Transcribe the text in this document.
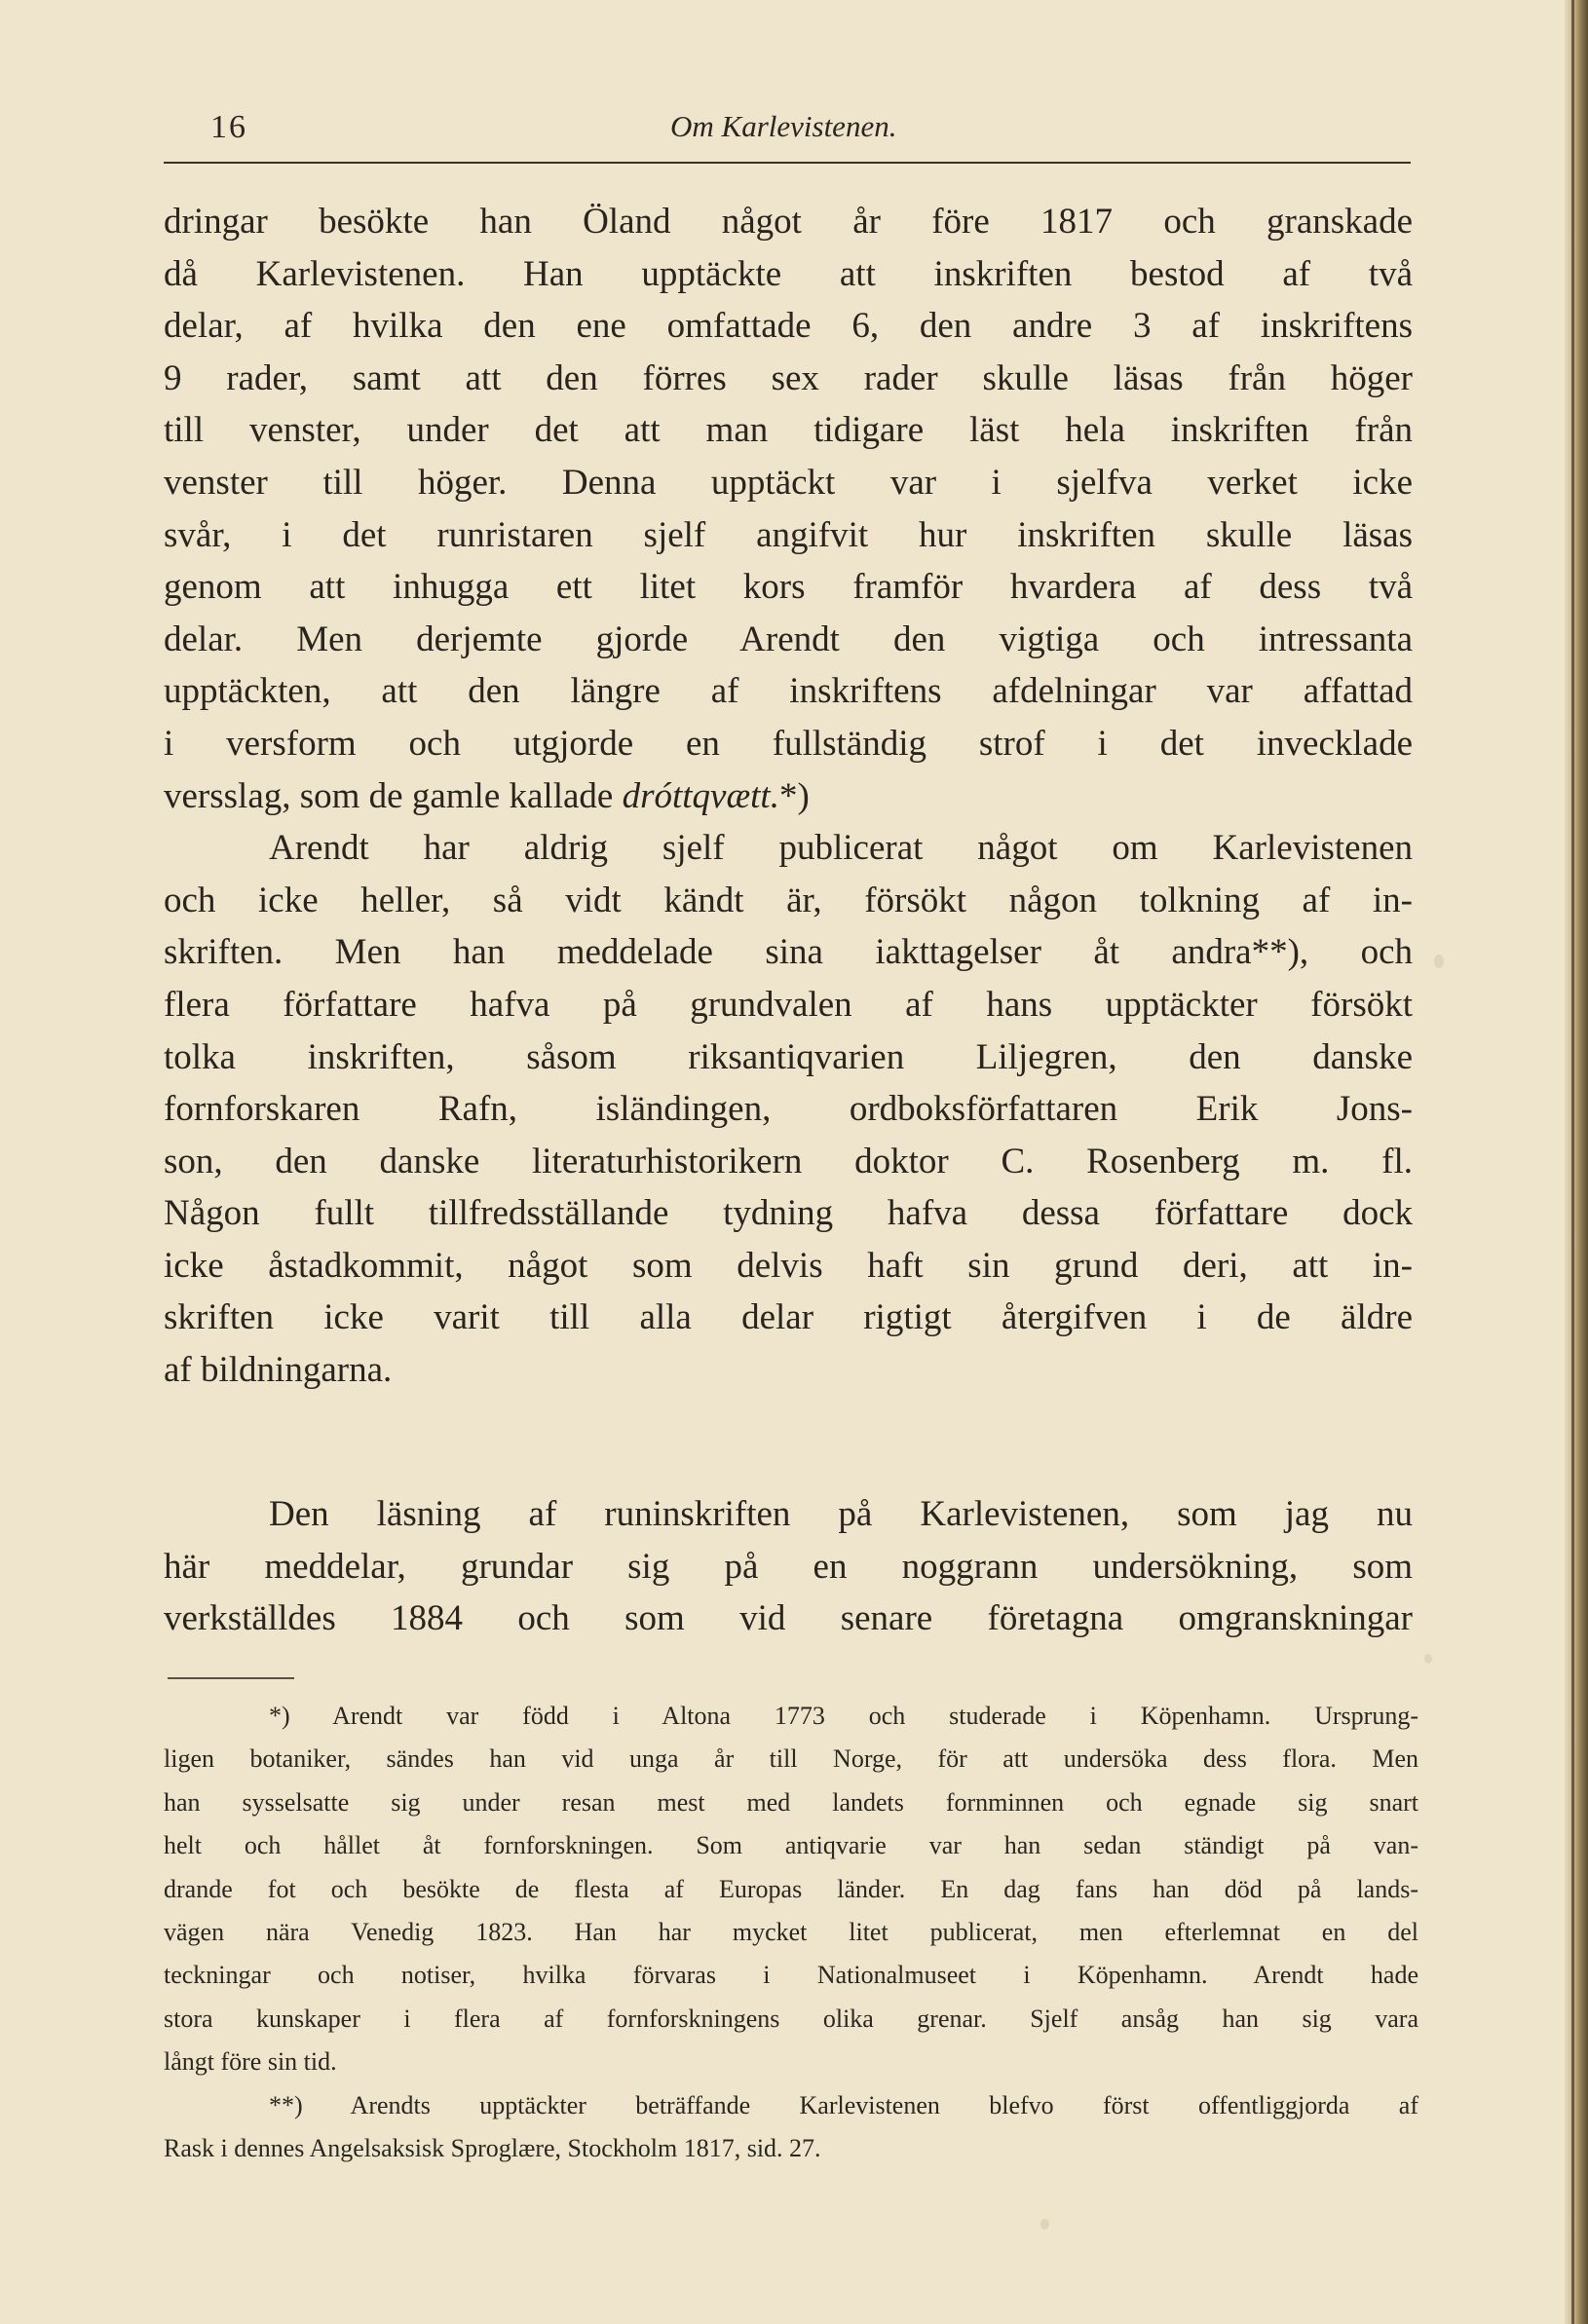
16	Om Karlevistenen.
dringar besökte han Öland något år före 1817 och granskade
då Karlevistenen. Han upptäckte att inskriften bestod af två
delar, af hvilka den ene omfattade 6, den andre 3 af inskriftens
9 rader, samt att den förres sex rader skulle läsas från höger
till venster, under det att man tidigare läst hela inskriften från
venster till höger. Denna upptäckt var i sjelfva verket icke
svår, i det runristaren sjelf angifvit hur inskriften skulle läsas
genom att inhugga ett litet kors framför hvardera af dess två
delar. Men derjemte gjorde Arendt den vigtiga och intressanta
upptäckten, att den längre af inskriftens afdelningar var affattad
i versform och utgjorde en fullständig strof i det invecklade
versslag, som de gamle kallade dróttqvætt.*)
Arendt har aldrig sjelf publicerat något om Karlevistenen
och icke heller, så vidt kändt är, försökt någon tolkning af in-
skriften. Men han meddelade sina iakttagelser åt andra**), och
flera författare hafva på grundvalen af hans upptäckter försökt
tolka inskriften, såsom riksantiqvarien Liljegren, den danske
fornforskaren Rafn, isländingen, ordboksförfattaren Erik Jons-
son, den danske literaturhistorikern doktor C. Rosenberg m. fl.
Någon fullt tillfredsställande tydning hafva dessa författare dock
icke åstadkommit, något som delvis haft sin grund deri, att in-
skriften icke varit till alla delar rigtigt återgifven i de äldre
af bildningarna.
Den läsning af runinskriften på Karlevistenen, som jag nu
här meddelar, grundar sig på en noggrann undersökning, som
verkställdes 1884 och som vid senare företagna omgranskningar
*) Arendt var född i Altona 1773 och studerade i Köpenhamn. Ursprung-
ligen botaniker, sändes han vid unga år till Norge, för att undersöka dess flora. Men
han sysselsatte sig under resan mest med landets fornminnen och egnade sig snart
helt och hållet åt fornforskningen. Som antiqvarie var han sedan ständigt på van-
drande fot och besökte de flesta af Europas länder. En dag fans han död på lands-
vägen nära Venedig 1823. Han har mycket litet publicerat, men efterlemnat en del
teckningar och notiser, hvilka förvaras i Nationalmuseet i Köpenhamn. Arendt hade
stora kunskaper i flera af fornforskningens olika grenar. Sjelf ansåg han sig vara
långt före sin tid.
**) Arendts upptäckter beträffande Karlevistenen blefvo först offentliggjorda af
Rask i dennes Angelsaksisk Sproglære, Stockholm 1817, sid. 27.
